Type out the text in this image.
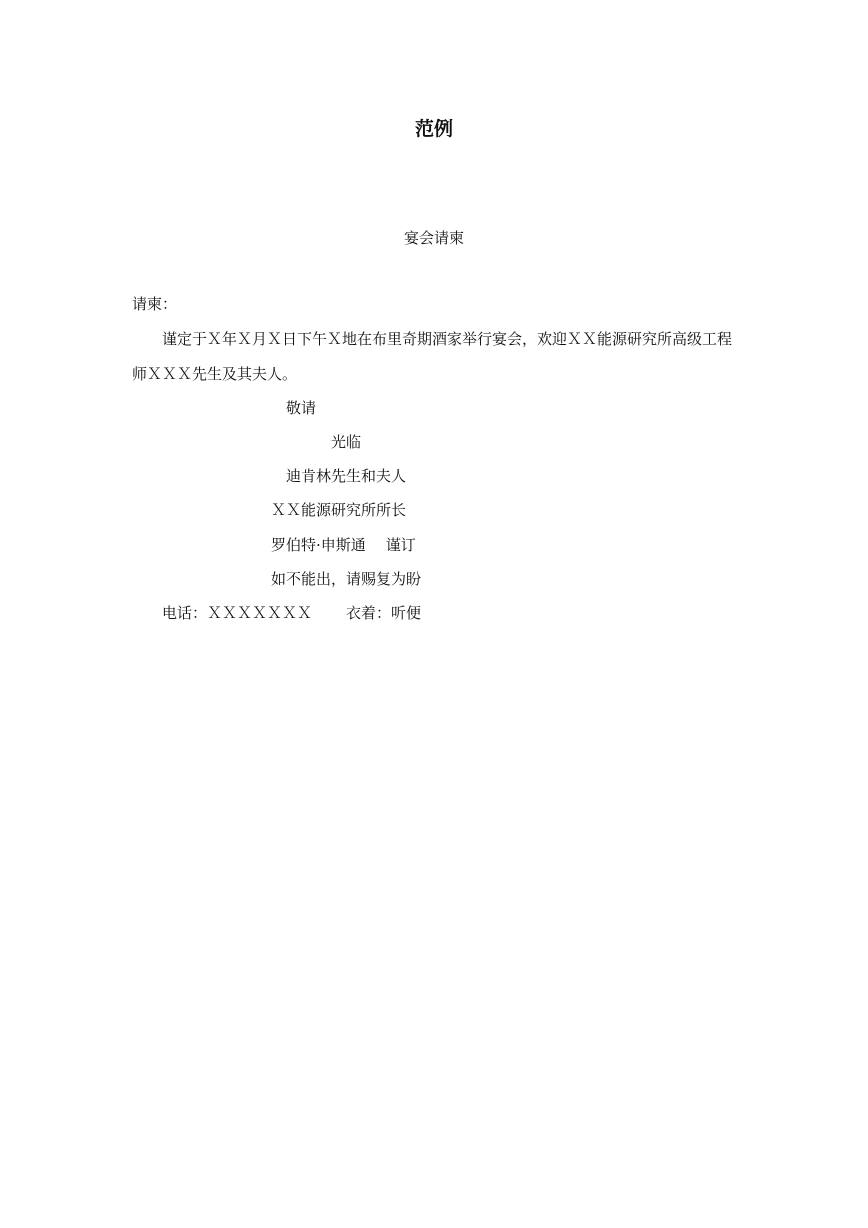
范例
宴会请柬
请柬：
谨定于Ｘ年Ｘ月Ｘ日下午Ｘ地在布里奇期酒家举行宴会，欢迎ＸＸ能源研究所高级工程
师ＸＸＸ先生及其夫人。
敬请
光临
迪肯林先生和夫人
ＸＸ能源研究所所长
罗伯特·申斯通 谨订
如不能出，请赐复为盼
电话：ＸＸＸＸＸＸＸ 衣着：听便
